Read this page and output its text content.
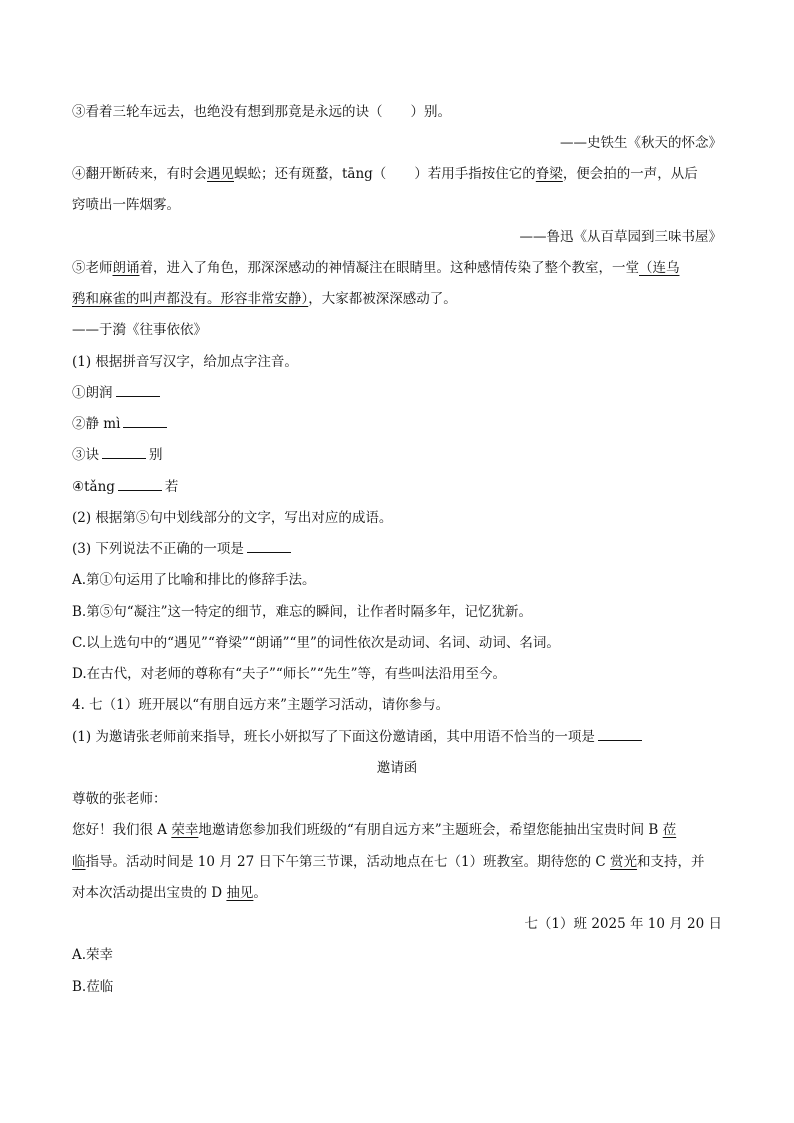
③看着三轮车远去，也绝没有想到那竟是永远的诀（ ）别。
——史铁生《秋天的怀念》
④翻开断砖来，有时会遇见蜈蚣；还有斑蝥，tāng（ ）若用手指按住它的脊梁，便会拍的一声，从后
窍喷出一阵烟雾。
——鲁迅《从百草园到三味书屋》
⑤老师朗诵着，进入了角色，那深深感动的神情凝注在眼睛里。这种感情传染了整个教室，一堂（连乌
鸦和麻雀的叫声都没有。形容非常安静），大家都被深深感动了。
——于漪《往事依依》
(1) 根据拼音写汉字，给加点字注音。
①朗润
②静 mì
③诀	别
④tǎng	若
(2) 根据第⑤句中划线部分的文字，写出对应的成语。
(3) 下列说法不正确的一项是
A.第①句运用了比喻和排比的修辞手法。
B.第⑤句“凝注”这一特定的细节，难忘的瞬间，让作者时隔多年，记忆犹新。
C.以上选句中的“遇见”“脊梁”“朗诵”“里”的词性依次是动词、名词、动词、名词。
D.在古代，对老师的尊称有“夫子”“师长”“先生”等，有些叫法沿用至今。
4. 七（1）班开展以“有朋自远方来”主题学习活动，请你参与。
(1) 为邀请张老师前来指导，班长小妍拟写了下面这份邀请函，其中用语不恰当的一项是
邀请函
尊敬的张老师：
您好！我们很 A 荣幸地邀请您参加我们班级的“有朋自远方来”主题班会，希望您能抽出宝贵时间 B 莅
临指导。活动时间是 10 月 27 日下午第三节课，活动地点在七（1）班教室。期待您的 C 赏光和支持，并
对本次活动提出宝贵的 D 抽见。
七（1）班 2025 年 10 月 20 日
A.荣幸
B.莅临
